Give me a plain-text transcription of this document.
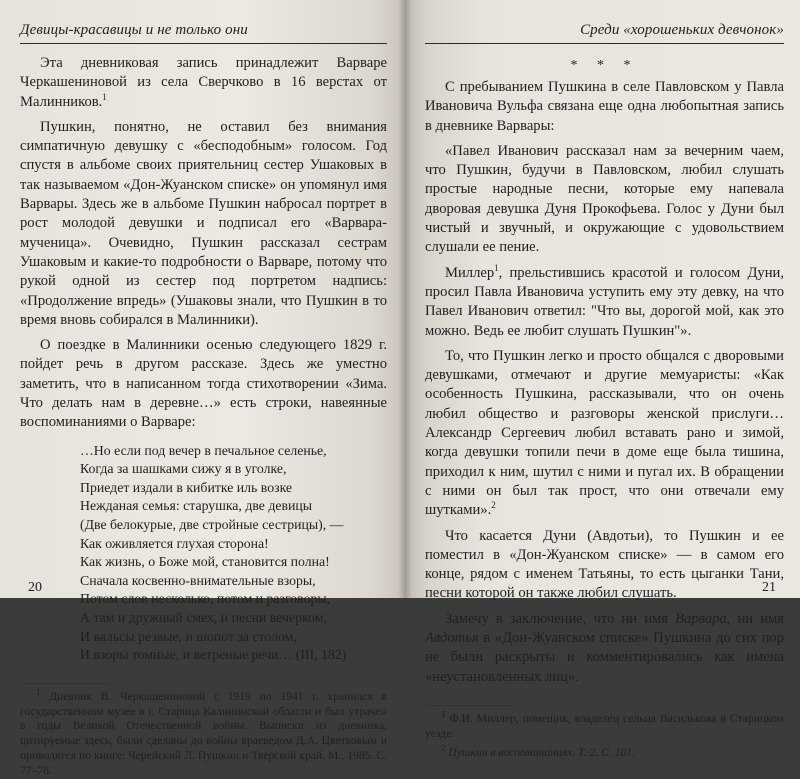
Девицы-красавицы и не только они

Эта дневниковая запись принадлежит Варваре Черкашениновой из села Сверчково в 16 верстах от Малинников.$^1$

Пушкин, понятно, не оставил без внимания симпатичную девушку с «бесподобным» голосом. Год спустя в альбоме своих приятельниц сестер Ушаковых в так называемом «Дон-Жуанском списке» он упомянул имя Варвары. Здесь же в альбоме Пушкин набросал портрет в рост молодой девушки и подписал его «Варвара-мученица». Очевидно, Пушкин рассказал сестрам Ушаковым и какие-то подробности о Варваре, потому что рукой одной из сестер под портретом надпись: «Продолжение впредь» (Ушаковы знали, что Пушкин в то время вновь собирался в Малинники).

О поездке в Малинники осенью следующего 1829 г. пойдет речь в другом рассказе. Здесь же уместно заметить, что в написанном тогда стихотворении «Зима. Что делать нам в деревне…» есть строки, навеянные воспоминаниями о Варваре:

…Но если под вечер в печальное селенье,
Когда за шашками сижу я в уголке,
Приедет издали в кибитке иль возке
Нежданая семья: старушка, две девицы
(Две белокурые, две стройные сестрицы), —
Как оживляется глухая сторона!
Как жизнь, о Боже мой, становится полна!
Сначала косвенно-внимательные взоры,
Потом слов несколько, потом и разговоры,
А там и дружный смех, и песни вечерком,
И вальсы резвые, и шопот за столом,
И взоры томные, и ветреные речи… (III, 182)

$^1$ Дневник В. Черкашениновой с 1919 по 1941 г. хранился в государственном музее в г. Старица Калининской области и был утрачен в годы Великой Отечественной войны. Выписки из дневника, цитируемые здесь, были сделаны до войны краеведом Д.А. Цветковым и приводятся по книге: Черейский Л. Пушкин и Тверской край. М., 1985. С. 77–78.

20
Среди «хорошеньких девчонок»
* * *

С пребыванием Пушкина в селе Павловском у Павла Ивановича Вульфа связана еще одна любопытная запись в дневнике Варвары:

«Павел Иванович рассказал нам за вечерним чаем, что Пушкин, будучи в Павловском, любил слушать простые народные песни, которые ему напевала дворовая девушка Дуня Прокофьева. Голос у Дуни был чистый и звучный, и окружающие с удовольствием слушали ее пение.

Миллер$^1$, прельстившись красотой и голосом Дуни, просил Павла Ивановича уступить ему эту девку, на что Павел Иванович ответил: "Что вы, дорогой мой, как это можно. Ведь ее любит слушать Пушкин"».

То, что Пушкин легко и просто общался с дворовыми девушками, отмечают и другие мемуаристы: «Как особенность Пушкина, рассказывали, что он очень любил общество и разговоры женской прислуги… Александр Сергеевич любил вставать рано и зимой, когда девушки топили печи в доме еще была тишина, приходил к ним, шутил с ними и пугал их. В обращении с ними он был так прост, что они отвечали ему шутками».$^2$

Что касается Дуни (Авдотьи), то Пушкин и ее поместил в «Дон-Жуанском списке» — в самом его конце, рядом с именем Татьяны, то есть цыганки Тани, песни которой он также любил слушать.

Замечу в заключение, что ни имя Варвара, ни имя Авдотья в «Дон-Жуанском списке» Пушкина до сих пор не были раскрыты и комментировались как имена «неустановленных лиц».

$^1$ Ф.И. Миллер, помещик, владелец сельца Василькова в Старицком уезде.

$^2$ Пушкин в воспоминаниях. Т. 2. С. 101.

21
